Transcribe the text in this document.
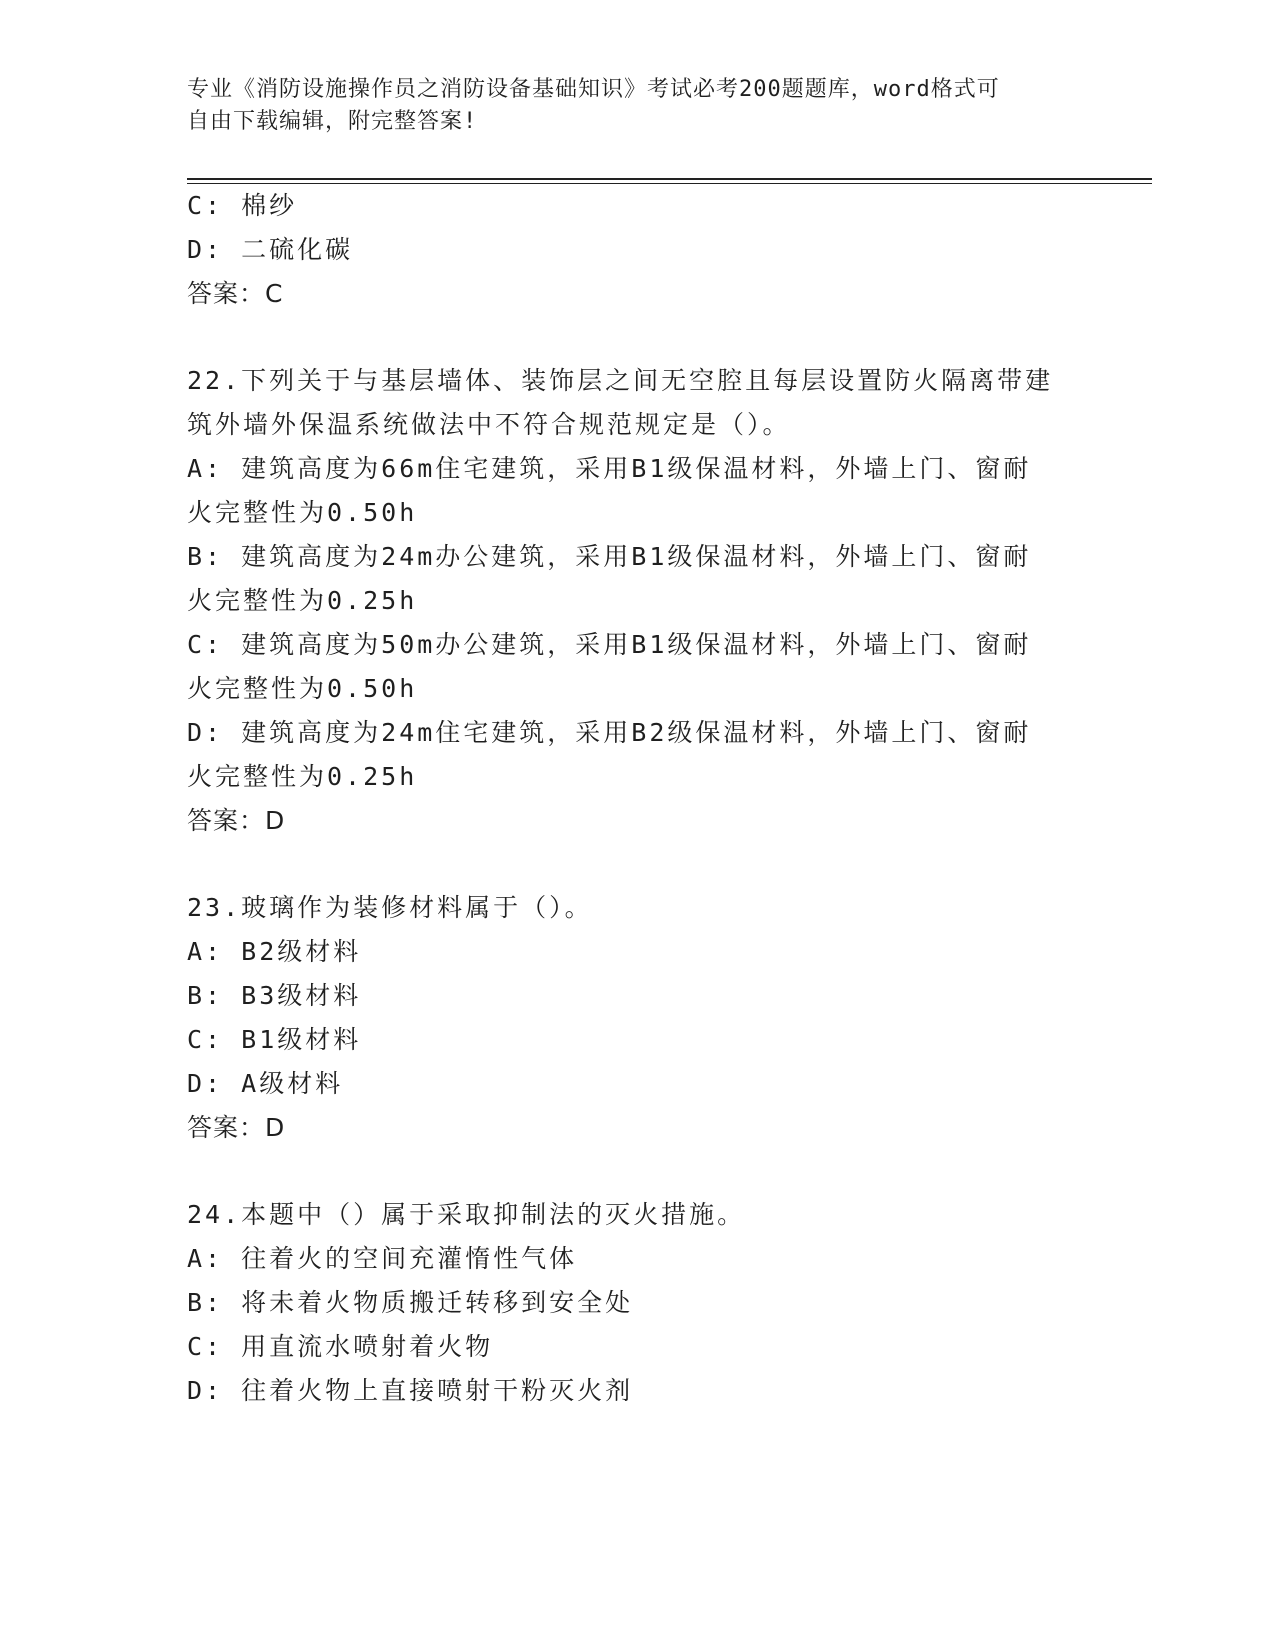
专业《消防设施操作员之消防设备基础知识》考试必考200题题库，word格式可
自由下载编辑，附完整答案!
C: 棉纱
D: 二硫化碳
答案：C
22.下列关于与基层墙体、装饰层之间无空腔且每层设置防火隔离带建
筑外墙外保温系统做法中不符合规范规定是（）。
A: 建筑高度为66m住宅建筑，采用B1级保温材料，外墙上门、窗耐
火完整性为0.50h
B: 建筑高度为24m办公建筑，采用B1级保温材料，外墙上门、窗耐
火完整性为0.25h
C: 建筑高度为50m办公建筑，采用B1级保温材料，外墙上门、窗耐
火完整性为0.50h
D: 建筑高度为24m住宅建筑，采用B2级保温材料，外墙上门、窗耐
火完整性为0.25h
答案：D
23.玻璃作为装修材料属于（）。
A: B2级材料
B: B3级材料
C: B1级材料
D: A级材料
答案：D
24.本题中（）属于采取抑制法的灭火措施。
A: 往着火的空间充灌惰性气体
B: 将未着火物质搬迁转移到安全处
C: 用直流水喷射着火物
D: 往着火物上直接喷射干粉灭火剂
